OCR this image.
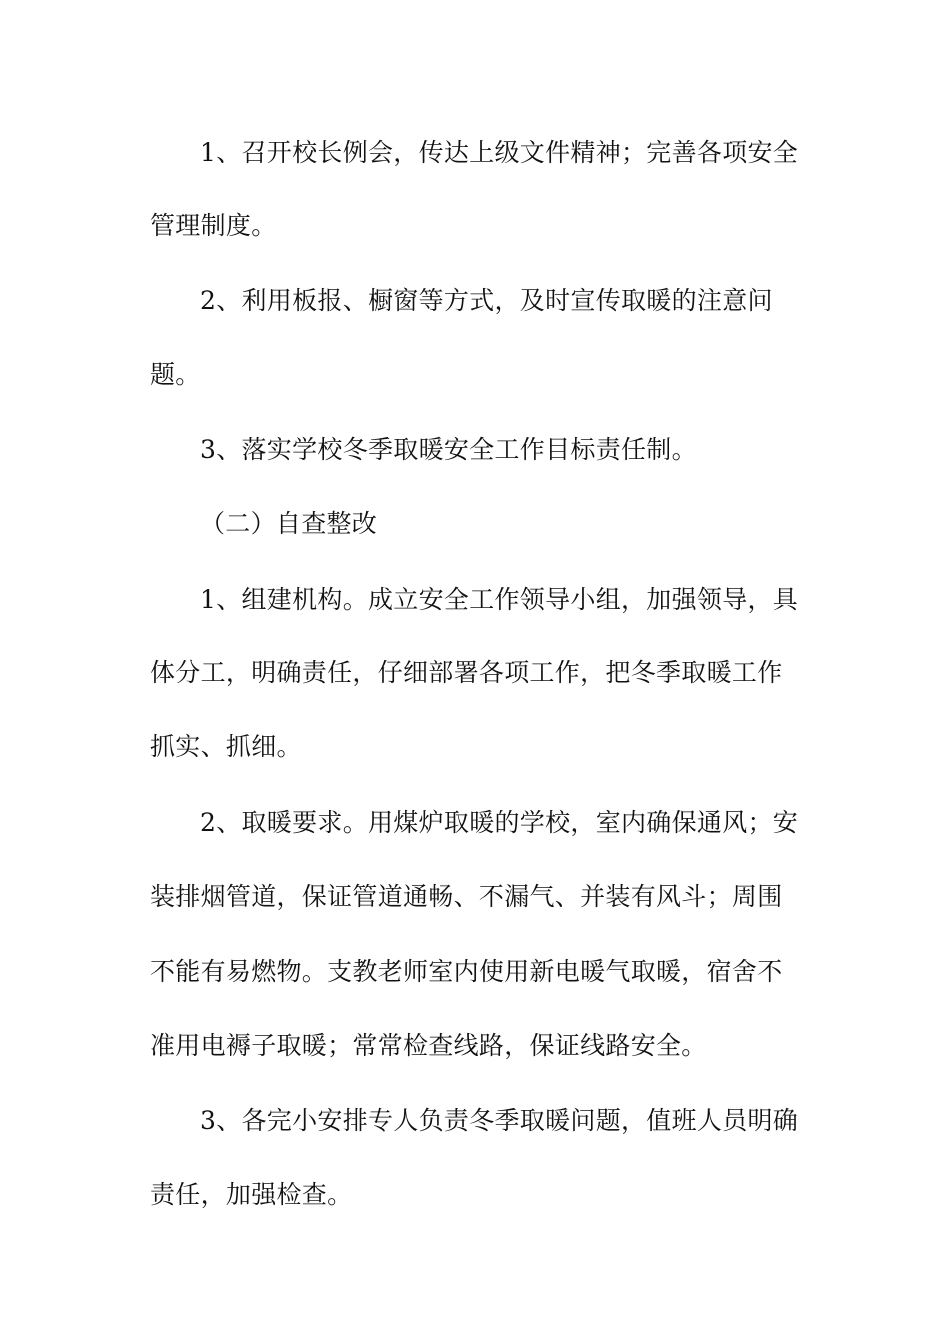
1、召开校长例会，传达上级文件精神；完善各项安全
管理制度。
2、利用板报、橱窗等方式，及时宣传取暖的注意问
题。
3、落实学校冬季取暖安全工作目标责任制。
（二）自查整改
1、组建机构。成立安全工作领导小组，加强领导，具
体分工，明确责任，仔细部署各项工作，把冬季取暖工作
抓实、抓细。
2、取暖要求。用煤炉取暖的学校，室内确保通风；安
装排烟管道，保证管道通畅、不漏气、并装有风斗；周围
不能有易燃物。支教老师室内使用新电暖气取暖，宿舍不
准用电褥子取暖；常常检查线路，保证线路安全。
3、各完小安排专人负责冬季取暖问题，值班人员明确
责任，加强检查。
